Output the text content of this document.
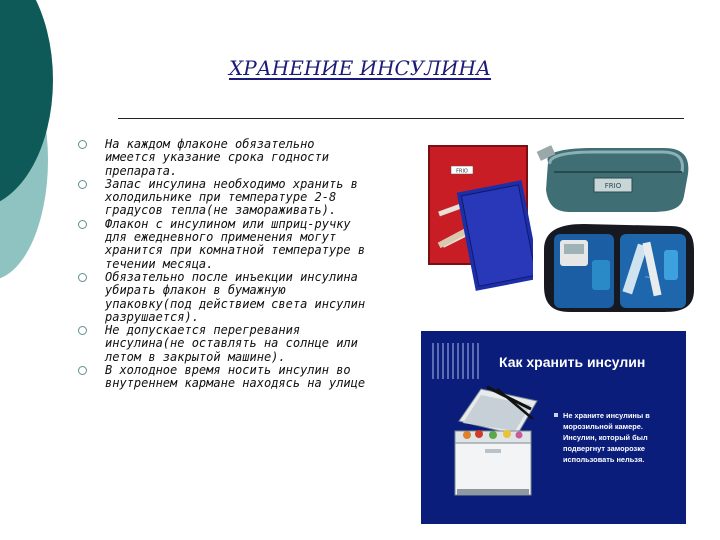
ХРАНЕНИЕ ИНСУЛИНА
На каждом флаконе обязательно имеется указание срока годности препарата.
Запас инсулина необходимо хранить в холодильнике при температуре 2-8 градусов тепла(не замораживать).
Флакон с инсулином или шприц-ручку для ежедневного применения могут хранится при комнатной температуре в течении месяца.
Обязательно после инъекции инсулина убирать флакон в бумажную упаковку(под действием света инсулин разрушается).
Не допускается перегревания инсулина(не оставлять на солнце или летом в закрытой машине).
В холодное время носить инсулин во внутреннем кармане находясь на улице
FRIO
FRIO
~
Как хранить инсулин
Не храните инсулины в морозильной камере. Инсулин, который был подвергнут заморозке использовать нельзя.
